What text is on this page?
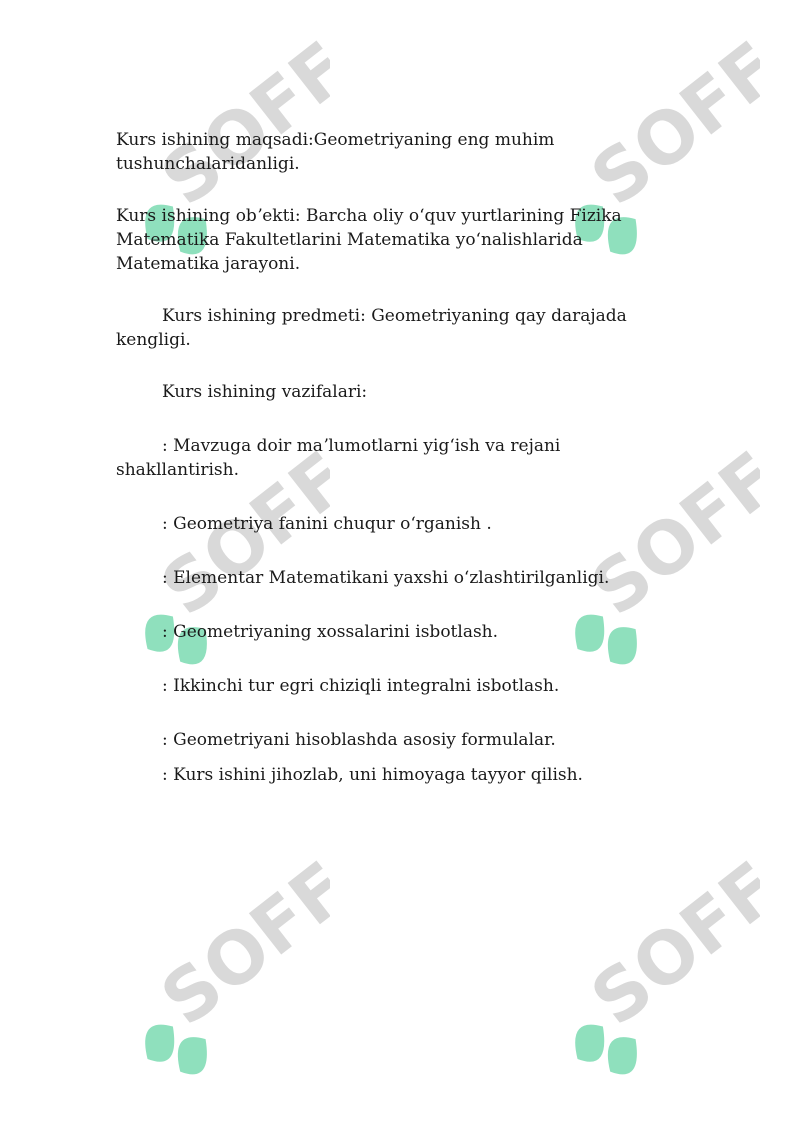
SOFF	SOFF
SOFF	SOFF
SOFF	SOFF

Kurs ishining maqsadi:Geometriyaning eng muhim tushunchalaridanligi.

Kurs ishining obʼekti: Barcha oliy oʻquv yurtlarining Fizika Matematika Fakultetlarini Matematika yoʻnalishlarida Matematika jarayoni.

Kurs ishining predmeti: Geometriyaning qay darajada kengligi.

Kurs ishining vazifalari:

: Mavzuga doir maʼlumotlarni yigʻish va rejani shakllantirish.

: Geometriya fanini chuqur oʻrganish .

: Elementar Matematikani yaxshi oʻzlashtirilganligi.

: Geometriyaning xossalarini isbotlash.

: Ikkinchi tur egri chiziqli integralni isbotlash.

: Geometriyani hisoblashda asosiy formulalar.

: Kurs ishini jihozlab, uni himoyaga tayyor qilish.
